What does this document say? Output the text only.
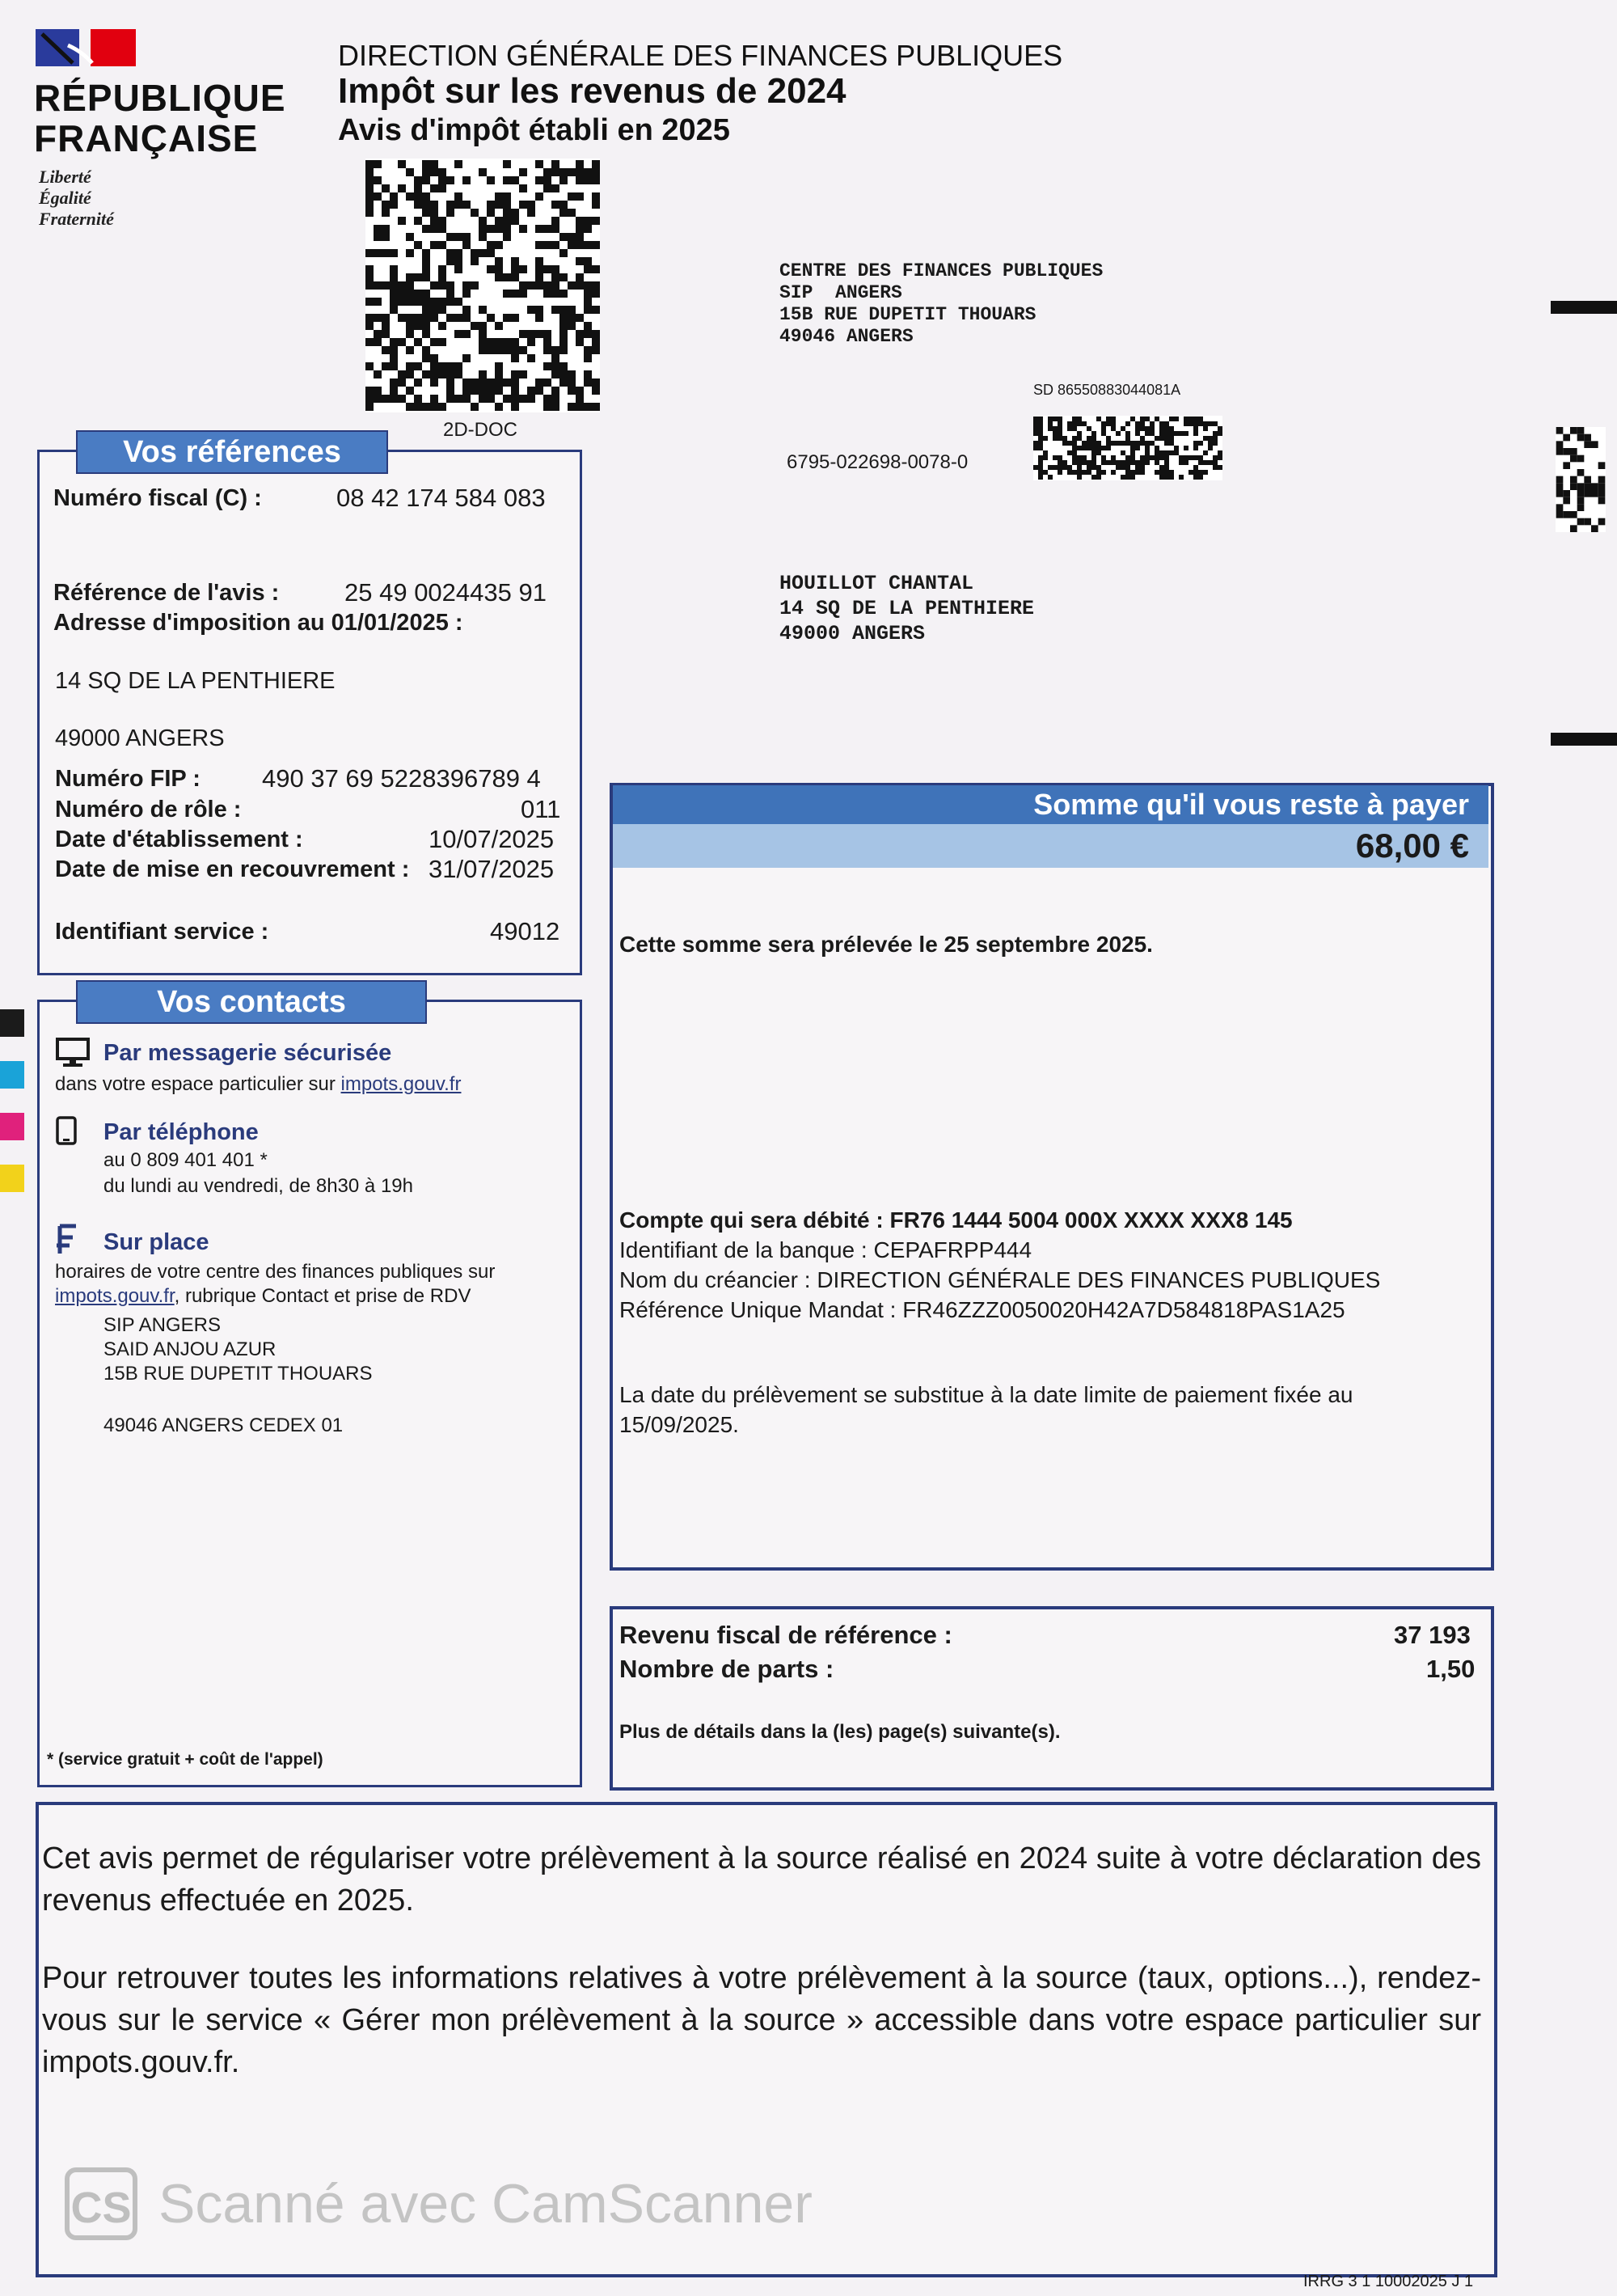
RÉPUBLIQUE
FRANÇAISE
Liberté
Égalité
Fraternité
DIRECTION GÉNÉRALE DES FINANCES PUBLIQUES
Impôt sur les revenus de 2024
Avis d'impôt établi en 2025
2D-DOC
CENTRE DES FINANCES PUBLIQUES
SIP  ANGERS
15B RUE DUPETIT THOUARS
49046 ANGERS
SD 86550883044081A
6795-022698-0078-0
HOUILLOT CHANTAL
14 SQ DE LA PENTHIERE
49000 ANGERS
Vos références
Numéro fiscal (C) :	08 42 174 584 083
Référence de l'avis :	25 49 0024435 91
Adresse d'imposition au 01/01/2025 :
14 SQ DE LA PENTHIERE
49000 ANGERS
Numéro FIP : 490 37 69 5228396789 4
Numéro de rôle :	011
Date d'établissement :	10/07/2025
Date de mise en recouvrement : 31/07/2025
Identifiant service :	49012
Vos contacts
Par messagerie sécurisée
dans votre espace particulier sur impots.gouv.fr
Par téléphone
au 0 809 401 401 *
du lundi au vendredi, de 8h30 à 19h
Sur place
horaires de votre centre des finances publiques sur
impots.gouv.fr, rubrique Contact et prise de RDV
SIP ANGERS
SAID ANJOU AZUR
15B RUE DUPETIT THOUARS
49046 ANGERS CEDEX 01
* (service gratuit + coût de l'appel)
Somme qu'il vous reste à payer
68,00 €
Cette somme sera prélevée le 25 septembre 2025.
Compte qui sera débité : FR76 1444 5004 000X XXXX XXX8 145
Identifiant de la banque : CEPAFRPP444
Nom du créancier : DIRECTION GÉNÉRALE DES FINANCES PUBLIQUES
Référence Unique Mandat : FR46ZZZ0050020H42A7D584818PAS1A25
La date du prélèvement se substitue à la date limite de paiement fixée au 15/09/2025.
Revenu fiscal de référence :	37 193
Nombre de parts :	1,50
Plus de détails dans la (les) page(s) suivante(s).
Cet avis permet de régulariser votre prélèvement à la source réalisé en 2024 suite à votre déclaration des revenus effectuée en 2025.
Pour retrouver toutes les informations relatives à votre prélèvement à la source (taux, options...), rendez-vous sur le service « Gérer mon prélèvement à la source » accessible dans votre espace particulier sur impots.gouv.fr.
CS Scanné avec CamScanner
IRRG 3 1 10002025 J 1
